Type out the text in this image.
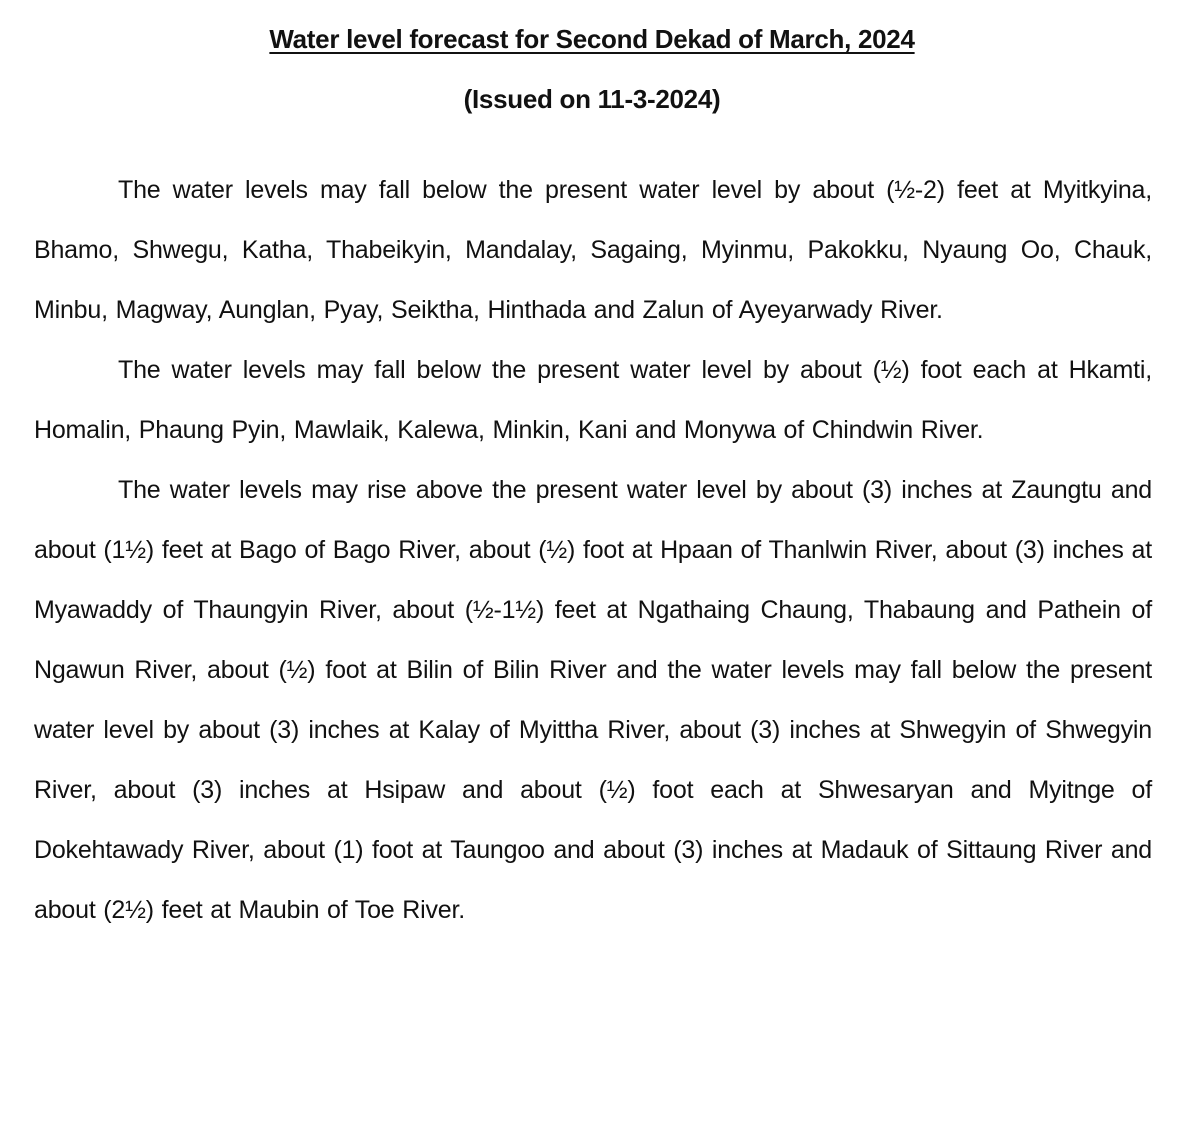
Water level forecast for Second Dekad of March, 2024
(Issued on 11-3-2024)

The water levels may fall below the present water level by about (½-2) feet at Myitkyina, Bhamo, Shwegu, Katha, Thabeikyin, Mandalay, Sagaing, Myinmu, Pakokku, Nyaung Oo, Chauk, Minbu, Magway, Aunglan, Pyay, Seiktha, Hinthada and Zalun of Ayeyarwady River.

The water levels may fall below the present water level by about (½) foot each at Hkamti, Homalin, Phaung Pyin, Mawlaik, Kalewa, Minkin, Kani and Monywa of Chindwin River.

The water levels may rise above the present water level by about (3) inches at Zaungtu and about (1½) feet at Bago of Bago River, about (½) foot at Hpaan of Thanlwin River, about (3) inches at Myawaddy of Thaungyin River, about (½-1½) feet at Ngathaing Chaung, Thabaung and Pathein of Ngawun River, about (½) foot at Bilin of Bilin River and the water levels may fall below the present water level by about (3) inches at Kalay of Myittha River, about (3) inches at Shwegyin of Shwegyin River, about (3) inches at Hsipaw and about (½) foot each at Shwesaryan and Myitnge of Dokehtawady River, about (1) foot at Taungoo and about (3) inches at Madauk of Sittaung River and about (2½) feet at Maubin of Toe River.
